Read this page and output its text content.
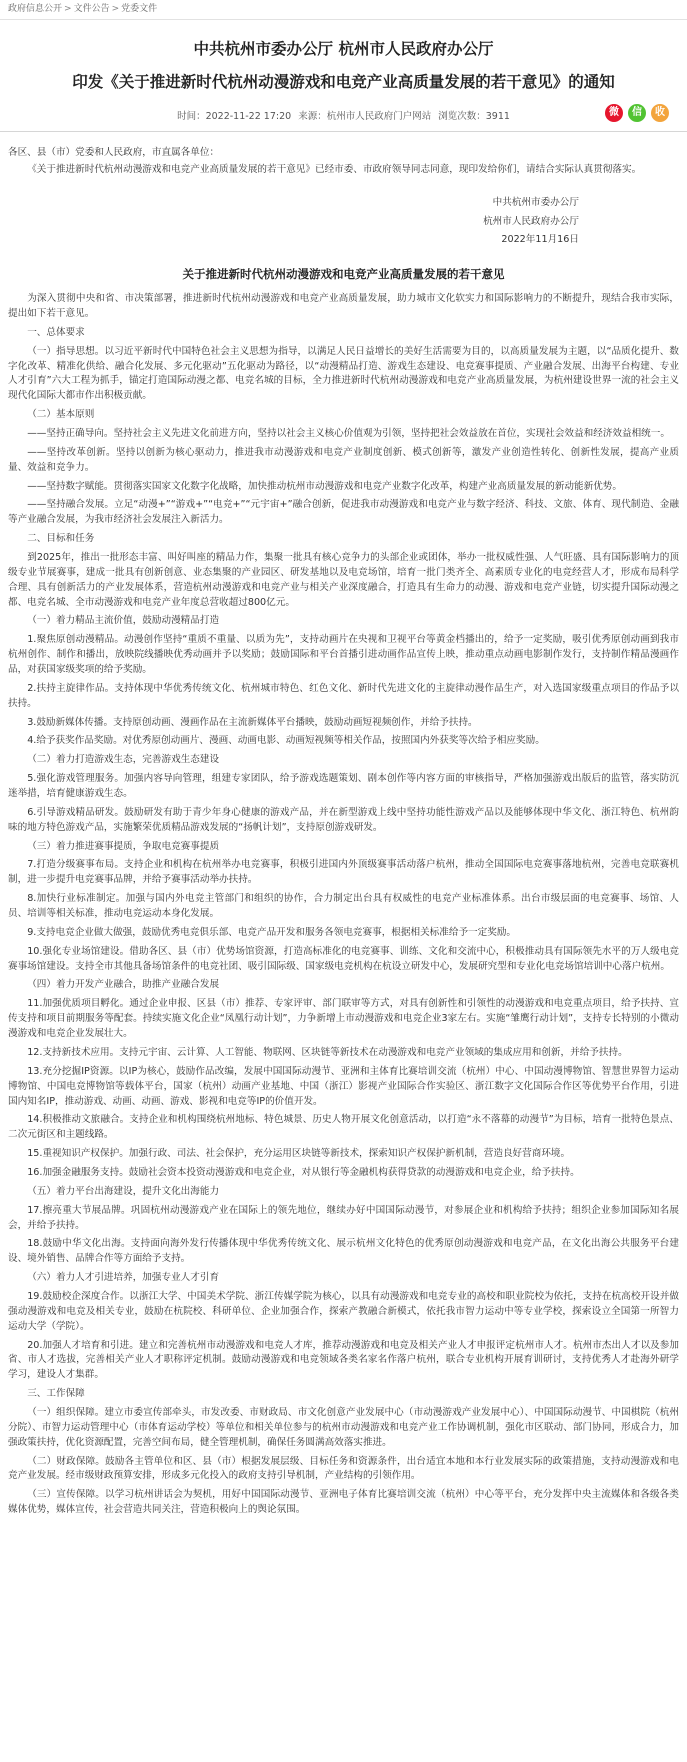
政府信息公开 > 文件公告 > 党委文件
中共杭州市委办公厅 杭州市人民政府办公厅
印发《关于推进新时代杭州动漫游戏和电竞产业高质量发展的若干意见》的通知
时间：2022-11-22 17:20 来源：杭州市人民政府门户网站 浏览次数：3911	微	信	收
各区、县（市）党委和人民政府，市直属各单位：
《关于推进新时代杭州动漫游戏和电竞产业高质量发展的若干意见》已经市委、市政府领导同志同意，现印发给你们，请结合实际认真贯彻落实。
中共杭州市委办公厅
杭州市人民政府办公厅
2022年11月16日
关于推进新时代杭州动漫游戏和电竞产业高质量发展的若干意见
为深入贯彻中央和省、市决策部署，推进新时代杭州动漫游戏和电竞产业高质量发展，助力城市文化软实力和国际影响力的不断提升，现结合我市实际，提出如下若干意见。
一、总体要求
（一）指导思想。以习近平新时代中国特色社会主义思想为指导，以满足人民日益增长的美好生活需要为目的，以高质量发展为主题，以“品质化提升、数字化改革、精准化供给、融合化发展、多元化驱动”五化驱动为路径，以“动漫精品打造、游戏生态建设、电竞赛事提质、产业融合发展、出海平台构建、专业人才引育”六大工程为抓手，锚定打造国际动漫之都、电竞名城的目标，全力推进新时代杭州动漫游戏和电竞产业高质量发展，为杭州建设世界一流的社会主义现代化国际大都市作出积极贡献。
（二）基本原则
——坚持正确导向。坚持社会主义先进文化前进方向，坚持以社会主义核心价值观为引领，坚持把社会效益放在首位，实现社会效益和经济效益相统一。
——坚持改革创新。坚持以创新为核心驱动力，推进我市动漫游戏和电竞产业制度创新、模式创新等，激发产业创造性转化、创新性发展，提高产业质量、效益和竞争力。
——坚持数字赋能。贯彻落实国家文化数字化战略，加快推动杭州市动漫游戏和电竞产业数字化改革，构建产业高质量发展的新动能新优势。
——坚持融合发展。立足“动漫+”“游戏+”“电竞+”“元宇宙+”融合创新，促进我市动漫游戏和电竞产业与数字经济、科技、文旅、体育、现代制造、金融等产业融合发展，为我市经济社会发展注入新活力。
二、目标和任务
到2025年，推出一批形态丰富、叫好叫座的精品力作，集聚一批具有核心竞争力的头部企业或团体，举办一批权威性强、人气旺盛、具有国际影响力的顶级专业节展赛事，建成一批具有创新创意、业态集聚的产业园区、研发基地以及电竞场馆，培育一批门类齐全、高素质专业化的电竞经营人才，形成布局科学合理、具有创新活力的产业发展体系，营造杭州动漫游戏和电竞产业与相关产业深度融合，打造具有生命力的动漫、游戏和电竞产业链，切实提升国际动漫之都、电竞名城、全市动漫游戏和电竞产业年度总营收超过800亿元。
（一）着力精品主流价值，鼓励动漫精品打造
1.聚焦原创动漫精品。动漫创作坚持“重质不重量、以质为先”，支持动画片在央视和卫视平台等黄金档播出的，给予一定奖励，吸引优秀原创动画到我市杭州创作、制作和播出，放映院线播映优秀动画并予以奖励；鼓励国际和平台首播引进动画作品宣传上映，推动重点动画电影制作发行，支持制作精品漫画作品，对获国家级奖项的给予奖励。
2.扶持主旋律作品。支持体现中华优秀传统文化、杭州城市特色、红色文化、新时代先进文化的主旋律动漫作品生产，对入选国家级重点项目的作品予以扶持。
3.鼓励新媒体传播。支持原创动画、漫画作品在主流新媒体平台播映，鼓励动画短视频创作，并给予扶持。
4.给予获奖作品奖励。对优秀原创动画片、漫画、动画电影、动画短视频等相关作品，按照国内外获奖等次给予相应奖励。
（二）着力打造游戏生态，完善游戏生态建设
5.强化游戏管理服务。加强内容导向管理，组建专家团队，给予游戏选题策划、剧本创作等内容方面的审核指导，严格加强游戏出版后的监管，落实防沉迷举措，培育健康游戏生态。
6.引导游戏精品研发。鼓励研发有助于青少年身心健康的游戏产品，并在新型游戏上线中坚持功能性游戏产品以及能够体现中华文化、浙江特色、杭州韵味的地方特色游戏产品，实施繁荣优质精品游戏发展的“扬帆计划”，支持原创游戏研发。
（三）着力推进赛事提质，争取电竞赛事提质
7.打造分级赛事布局。支持企业和机构在杭州举办电竞赛事，积极引进国内外顶级赛事活动落户杭州，推动全国国际电竞赛事落地杭州，完善电竞联赛机制，进一步提升电竞赛事品牌，并给予赛事活动举办扶持。
8.加快行业标准制定。加强与国内外电竞主管部门和组织的协作，合力制定出台具有权威性的电竞产业标准体系。出台市级层面的电竞赛事、场馆、人员、培训等相关标准，推动电竞运动本身化发展。
9.支持电竞企业做大做强，鼓励优秀电竞俱乐部、电竞产品开发和服务各领电竞赛事，根据相关标准给予一定奖励。
10.强化专业场馆建设。借助各区、县（市）优势场馆资源，打造高标准化的电竞赛事、训练、文化和交流中心，积极推动具有国际领先水平的万人级电竞赛事场馆建设。支持全市其他具备场馆条件的电竞社团、吸引国际级、国家级电竞机构在杭设立研发中心，发展研究型和专业化电竞场馆培训中心落户杭州。
（四）着力开发产业融合，助推产业融合发展
11.加强优质项目孵化。通过企业申报、区县（市）推荐、专家评审、部门联审等方式，对具有创新性和引领性的动漫游戏和电竞重点项目，给予扶持、宣传支持和项目前期服务等配套。持续实施文化企业“凤凰行动计划”，力争新增上市动漫游戏和电竞企业3家左右。实施“雏鹰行动计划”，支持专长特别的小微动漫游戏和电竞企业发展壮大。
12.支持新技术应用。支持元宇宙、云计算、人工智能、物联网、区块链等新技术在动漫游戏和电竞产业领域的集成应用和创新，并给予扶持。
13.充分挖掘IP资源。以IP为核心，鼓励作品改编，发展中国国际动漫节、亚洲和主体育比赛培训交流（杭州）中心、中国动漫博物馆、智慧世界智力运动博物馆、中国电竞博物馆等载体平台，国家（杭州）动画产业基地、中国（浙江）影视产业国际合作实验区、浙江数字文化国际合作区等优势平台作用，引进国内知名IP，推动游戏、动画、动画、游戏、影视和电竞等IP的价值开发。
14.积极推动文旅融合。支持企业和机构围绕杭州地标、特色城景、历史人物开展文化创意活动，以打造“永不落幕的动漫节”为目标，培育一批特色景点、二次元街区和主题线路。
15.重视知识产权保护。加强行政、司法、社会保护，充分运用区块链等新技术，探索知识产权保护新机制，营造良好营商环境。
16.加强金融服务支持。鼓励社会资本投资动漫游戏和电竞企业，对从银行等金融机构获得贷款的动漫游戏和电竞企业，给予扶持。
（五）着力平台出海建设，提升文化出海能力
17.擦亮重大节展品牌。巩固杭州动漫游戏产业在国际上的领先地位，继续办好中国国际动漫节，对参展企业和机构给予扶持；组织企业参加国际知名展会，并给予扶持。
18.鼓励中华文化出海。支持面向海外发行传播体现中华优秀传统文化、展示杭州文化特色的优秀原创动漫游戏和电竞产品，在文化出海公共服务平台建设、境外销售、品牌合作等方面给予支持。
（六）着力人才引进培养，加强专业人才引育
19.鼓励校企深度合作。以浙江大学、中国美术学院、浙江传媒学院为核心，以具有动漫游戏和电竞专业的高校和职业院校为依托，支持在杭高校开设并做强动漫游戏和电竞及相关专业，鼓励在杭院校、科研单位、企业加强合作，探索产教融合新模式，依托我市智力运动中等专业学校，探索设立全国第一所智力运动大学（学院）。
20.加强人才培育和引进。建立和完善杭州市动漫游戏和电竞人才库，推荐动漫游戏和电竞及相关产业人才申报评定杭州市人才。杭州市杰出人才以及参加省、市人才选拔，完善相关产业人才职称评定机制。鼓励动漫游戏和电竞领域各类名家名作落户杭州，联合专业机构开展育训研讨，支持优秀人才赴海外研学学习，建设人才集群。
三、工作保障
（一）组织保障。建立市委宣传部牵头，市发改委、市财政局、市文化创意产业发展中心（市动漫游戏产业发展中心）、中国国际动漫节、中国棋院（杭州分院）、市智力运动管理中心（市体育运动学校）等单位和相关单位参与的杭州市动漫游戏和电竞产业工作协调机制，强化市区联动、部门协同，形成合力，加强政策扶持，优化资源配置，完善空间布局，健全管理机制，确保任务圆满高效落实推进。
（二）财政保障。鼓励各主管单位和区、县（市）根据发展层级、目标任务和资源条件，出台适宜本地和本行业发展实际的政策措施，支持动漫游戏和电竞产业发展。经市级财政预算安排，形成多元化投入的政府支持引导机制，产业结构的引领作用。
（三）宣传保障。以学习杭州讲话会为契机，用好中国国际动漫节、亚洲电子体育比赛培训交流（杭州）中心等平台，充分发挥中央主流媒体和各级各类媒体优势，媒体宣传，社会营造共同关注，营造积极向上的舆论氛围。
